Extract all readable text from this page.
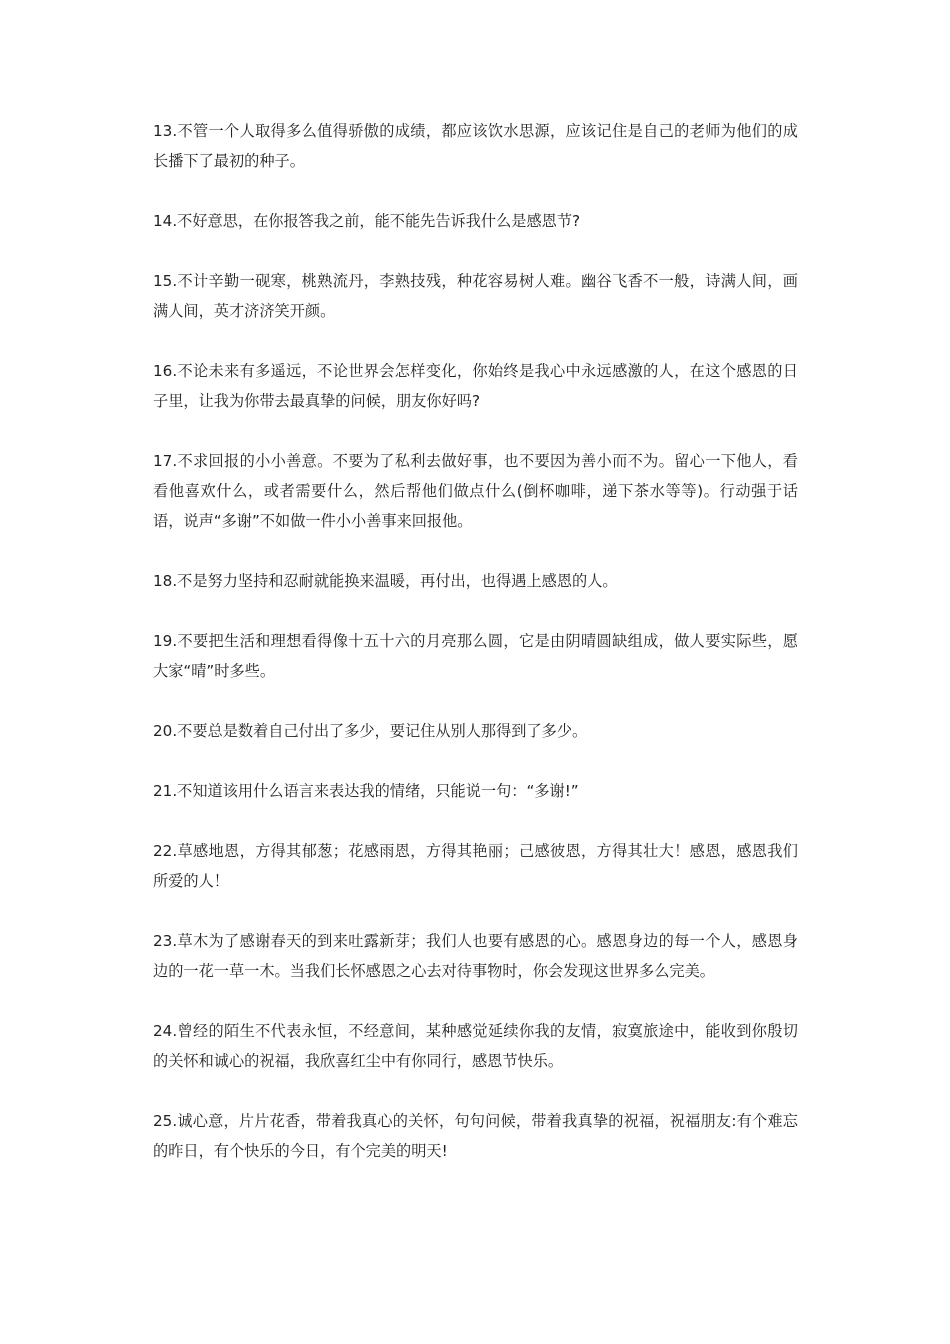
13.不管一个人取得多么值得骄傲的成绩，都应该饮水思源，应该记住是自己的老师为他们的成长播下了最初的种子。

14.不好意思，在你报答我之前，能不能先告诉我什么是感恩节?

15.不计辛勤一砚寒，桃熟流丹，李熟技残，种花容易树人难。幽谷飞香不一般，诗满人间，画满人间，英才济济笑开颜。

16.不论未来有多遥远，不论世界会怎样变化，你始终是我心中永远感激的人，在这个感恩的日子里，让我为你带去最真挚的问候，朋友你好吗?

17.不求回报的小小善意。不要为了私利去做好事，也不要因为善小而不为。留心一下他人，看看他喜欢什么，或者需要什么，然后帮他们做点什么(倒杯咖啡，递下茶水等等)。行动强于话语，说声“多谢”不如做一件小小善事来回报他。

18.不是努力坚持和忍耐就能换来温暖，再付出，也得遇上感恩的人。

19.不要把生活和理想看得像十五十六的月亮那么圆，它是由阴晴圆缺组成，做人要实际些，愿大家“晴”时多些。

20.不要总是数着自己付出了多少，要记住从别人那得到了多少。

21.不知道该用什么语言来表达我的情绪，只能说一句：“多谢!”

22.草感地恩，方得其郁葱；花感雨恩，方得其艳丽；己感彼恩，方得其壮大！感恩，感恩我们所爱的人！

23.草木为了感谢春天的到来吐露新芽；我们人也要有感恩的心。感恩身边的每一个人，感恩身边的一花一草一木。当我们长怀感恩之心去对待事物时，你会发现这世界多么完美。

24.曾经的陌生不代表永恒，不经意间，某种感觉延续你我的友情，寂寞旅途中，能收到你殷切的关怀和诚心的祝福，我欣喜红尘中有你同行，感恩节快乐。

25.诚心意，片片花香，带着我真心的关怀，句句问候，带着我真挚的祝福，祝福朋友:有个难忘的昨日，有个快乐的今日，有个完美的明天!
